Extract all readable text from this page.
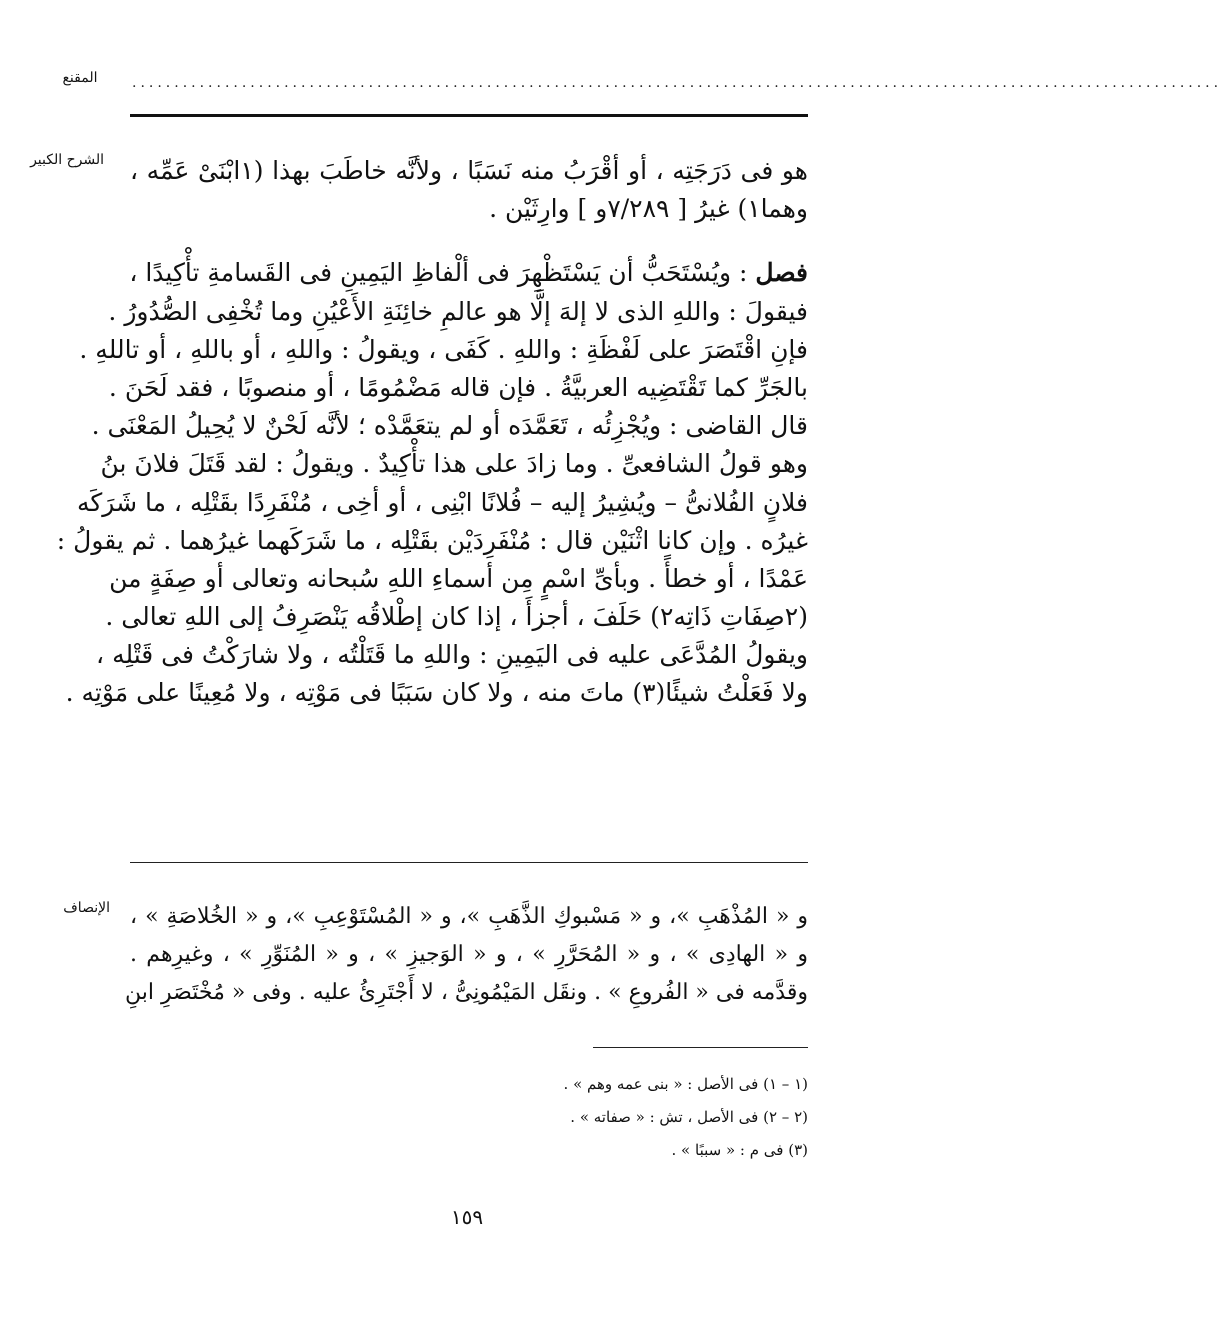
المقنع	.................................................................................................................................
الشرح الكبير هو فى دَرَجَتِه ، أو أقْرَبُ منه نَسَبًا ، ولأنَّه خاطَبَ بهذا (١ابْنَىْ عَمِّه ،
وهما١) غيرُ [ ٧/٢٨٩و ] وارِثَيْن .

فصل : ويُسْتَحَبُّ أن يَسْتَظْهِرَ فى ألْفاظِ اليَمِينِ فى القَسامةِ تأْكِيدًا ،
فيقولَ : واللهِ الذى لا إلهَ إلَّا هو عالمِ خائِنَةِ الأَعْيُنِ وما تُخْفِى الصُّدُورُ .
فإنِ اقْتَصَرَ على لَفْظَةِ : واللهِ . كَفَى ، ويقولُ : واللهِ ، أو باللهِ ، أو تاللهِ .
بالجَرِّ كما تَقْتَضِيه العربيَّةُ . فإن قاله مَضْمُومًا ، أو منصوبًا ، فقد لَحَنَ .
قال القاضى : ويُجْزِئُه ، تَعَمَّدَه أو لم يتعَمَّدْه ؛ لأنَّه لَحْنٌ لا يُحِيلُ المَعْنَى .
وهو قولُ الشافعىِّ . وما زادَ على هذا تأْكِيدٌ . ويقولُ : لقد قَتَلَ فلانَ بنُ
فلانٍ الفُلانىُّ – ويُشِيرُ إليه – فُلانًا ابْنِى ، أو أخِى ، مُنْفَرِدًا بقَتْلِه ، ما شَرَكَه
غيرُه . وإن كانا اثْنَيْن قال : مُنْفَرِدَيْن بقَتْلِه ، ما شَرَكَهما غيرُهما . ثم يقولُ :
عَمْدًا ، أو خطأً . وبأىِّ اسْمٍ مِن أسماءِ اللهِ سُبحانه وتعالى أو صِفَةٍ من
(٢صِفَاتِ ذَاتِه٢) حَلَفَ ، أجزأَ ، إذا كان إطْلاقُه يَنْصَرِفُ إلى اللهِ تعالى .
ويقولُ المُدَّعَى عليه فى اليَمِينِ : واللهِ ما قَتَلْتُه ، ولا شارَكْتُ فى قَتْلِه ،
ولا فَعَلْتُ شيئًا(٣) ماتَ منه ، ولا كان سَبَبًا فى مَوْتِه ، ولا مُعِينًا على مَوْتِه .

الإنصاف و « المُذْهَبِ »، و « مَسْبوكِ الذَّهَبِ »، و « المُسْتَوْعِبِ »، و « الخُلاصَةِ » ،
و « الهادِى » ، و « المُحَرَّرِ » ، و « الوَجيزِ » ، و « المُنَوِّرِ » ، وغيرِهم .
وقدَّمه فى « الفُروعِ » . ونقَل المَيْمُونِىُّ ، لا أَجْتَرِئُ عليه . وفى « مُخْتَصَرِ ابنِ
(١ – ١) فى الأصل : « بنى عمه وهم » .
(٢ – ٢) فى الأصل ، تش : « صفاته » .
(٣) فى م : « سببًا » .
١٥٩
